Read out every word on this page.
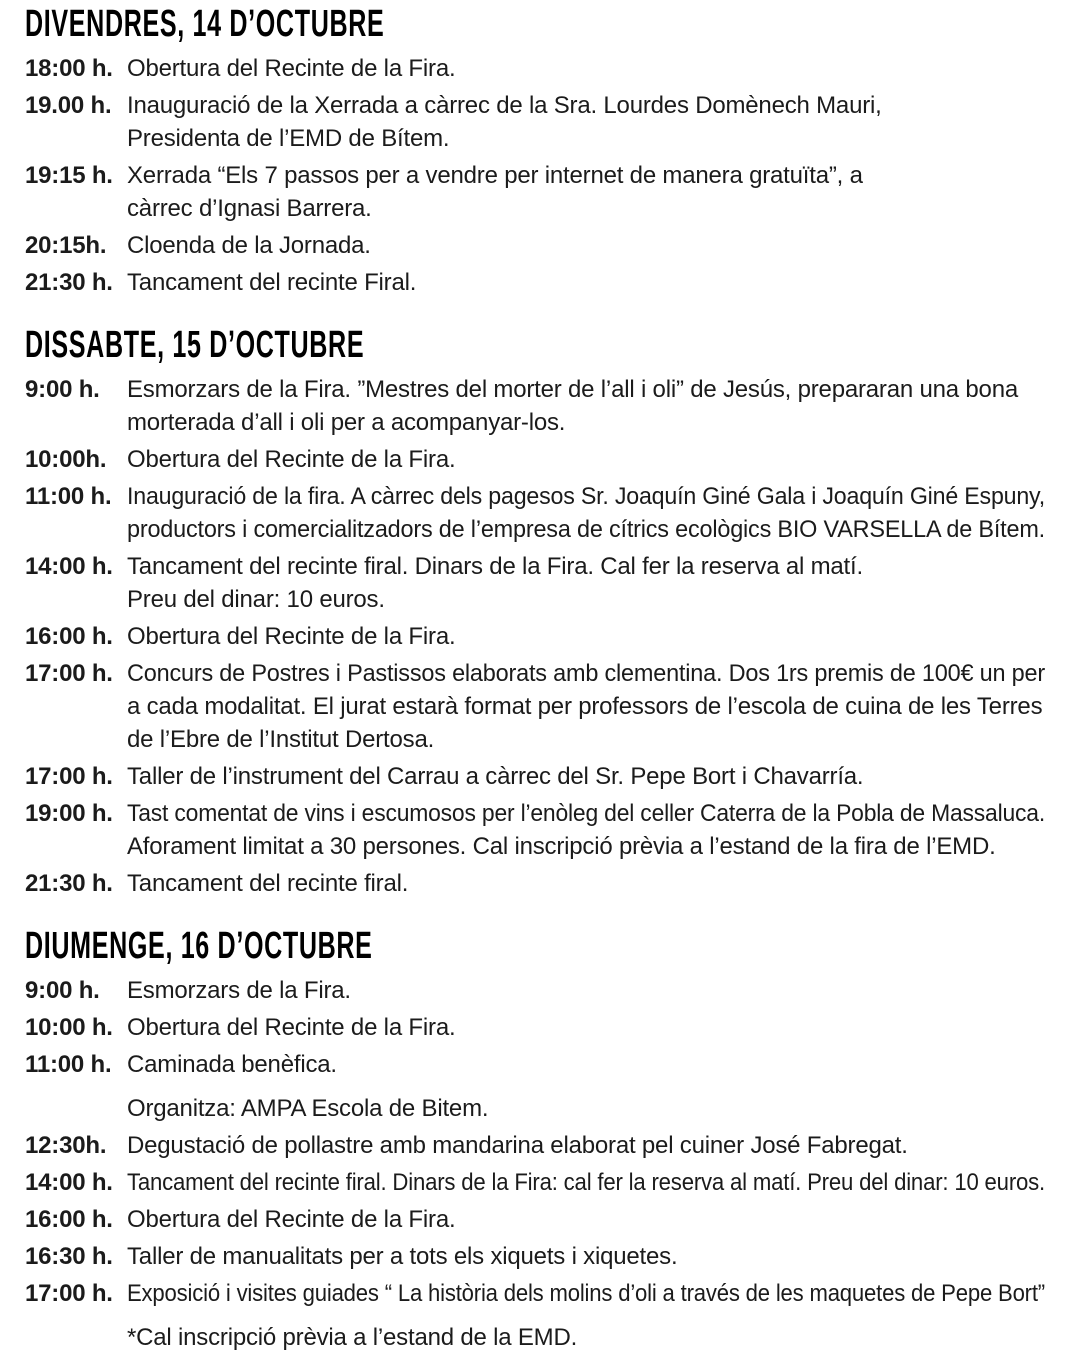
DIVENDRES, 14 D’OCTUBRE
18:00 h. Obertura del Recinte de la Fira.
19.00 h. Inauguració de la Xerrada a càrrec de la Sra. Lourdes Domènech Mauri,
Presidenta de l’EMD de Bítem.
19:15 h. Xerrada “Els 7 passos per a vendre per internet de manera gratuïta”, a
càrrec d’Ignasi Barrera.
20:15h. Cloenda de la Jornada.
21:30 h. Tancament del recinte Firal.
DISSABTE, 15 D’OCTUBRE
9:00 h.	Esmorzars de la Fira. ”Mestres del morter de l’all i oli” de Jesús, prepararan una bona
morterada d’all i oli per a acompanyar-los.
10:00h. Obertura del Recinte de la Fira.
11:00 h. Inauguració de la fira. A càrrec dels pagesos Sr. Joaquín Giné Gala i Joaquín Giné Espuny,
productors i comercialitzadors de l’empresa de cítrics ecològics BIO VARSELLA de Bítem.
14:00 h. Tancament del recinte firal. Dinars de la Fira. Cal fer la reserva al matí.
Preu del dinar: 10 euros.
16:00 h. Obertura del Recinte de la Fira.
17:00 h. Concurs de Postres i Pastissos elaborats amb clementina. Dos 1rs premis de 100€ un per
a cada modalitat. El jurat estarà format per professors de l’escola de cuina de les Terres
de l’Ebre de l’Institut Dertosa.
17:00 h. Taller de l’instrument del Carrau a càrrec del Sr. Pepe Bort i Chavarría.
19:00 h. Tast comentat de vins i escumosos per l’enòleg del celler Caterra de la Pobla de Massaluca.
Aforament limitat a 30 persones. Cal inscripció prèvia a l’estand de la fira de l’EMD.
21:30 h. Tancament del recinte firal.
DIUMENGE, 16 D’OCTUBRE
9:00 h.	Esmorzars de la Fira.
10:00 h. Obertura del Recinte de la Fira.
11:00 h. Caminada benèfica.
Organitza: AMPA Escola de Bitem.
12:30h. Degustació de pollastre amb mandarina elaborat pel cuiner José Fabregat.
14:00 h. Tancament del recinte firal. Dinars de la Fira: cal fer la reserva al matí. Preu del dinar: 10 euros.
16:00 h. Obertura del Recinte de la Fira.
16:30 h. Taller de manualitats per a tots els xiquets i xiquetes.
17:00 h. Exposició i visites guiades “ La història dels molins d’oli a través de les maquetes de Pepe Bort”
*Cal inscripció prèvia a l’estand de la EMD.
